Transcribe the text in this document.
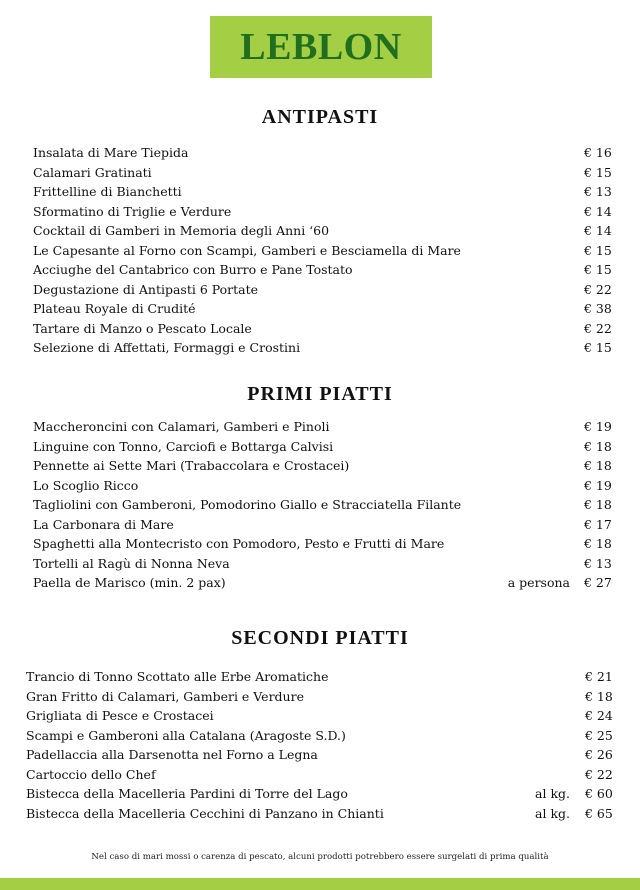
LEBLON
ANTIPASTI
Insalata di Mare Tiepida	€ 16
Calamari Gratinati	€ 15
Frittelline di Bianchetti	€ 13
Sformatino di Triglie e Verdure	€ 14
Cocktail di Gamberi in Memoria degli Anni ‘60	€ 14
Le Capesante al Forno con Scampi, Gamberi e Besciamella di Mare	€ 15
Acciughe del Cantabrico con Burro e Pane Tostato	€ 15
Degustazione di Antipasti 6 Portate	€ 22
Plateau Royale di Crudité	€ 38
Tartare di Manzo o Pescato Locale	€ 22
Selezione di Affettati, Formaggi e Crostini	€ 15
PRIMI PIATTI
Maccheroncini con Calamari, Gamberi e Pinoli	€ 19
Linguine con Tonno, Carciofi e Bottarga Calvisi	€ 18
Pennette ai Sette Mari (Trabaccolara e Crostacei)	€ 18
Lo Scoglio Ricco	€ 19
Tagliolini con Gamberoni, Pomodorino Giallo e Stracciatella Filante	€ 18
La Carbonara di Mare	€ 17
Spaghetti alla Montecristo con Pomodoro, Pesto e Frutti di Mare	€ 18
Tortelli al Ragù di Nonna Neva	€ 13
Paella de Marisco (min. 2 pax)	a persona € 27
SECONDI PIATTI
Trancio di Tonno Scottato alle Erbe Aromatiche	€ 21
Gran Fritto di Calamari, Gamberi e Verdure	€ 18
Grigliata di Pesce e Crostacei	€ 24
Scampi e Gamberoni alla Catalana (Aragoste S.D.)	€ 25
Padellaccia alla Darsenotta nel Forno a Legna	€ 26
Cartoccio dello Chef	€ 22
Bistecca della Macelleria Pardini di Torre del Lago	al kg. € 60
Bistecca della Macelleria Cecchini di Panzano in Chianti	al kg. € 65
Nel caso di mari mossi o carenza di pescato, alcuni prodotti potrebbero essere surgelati di prima qualità
